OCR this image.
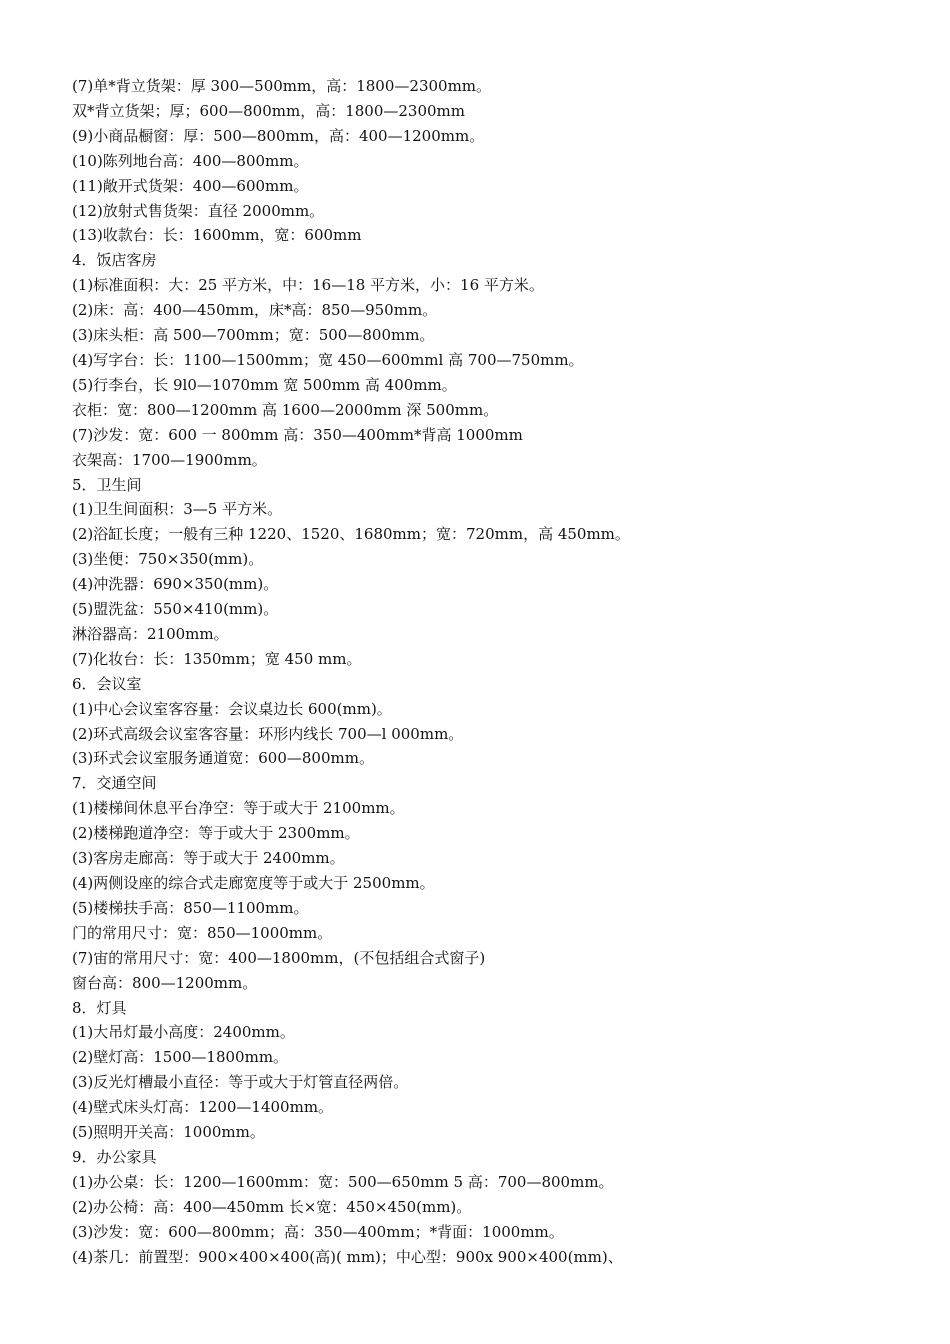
(7)单*背立货架：厚 300—500mm，高：1800—2300mm。

双*背立货架；厚；600—800mm，高：1800—2300mm

(9)小商品橱窗：厚：500—800mm，高：400—1200mm。

(10)陈列地台高：400—800mm。

(11)敞开式货架：400—600mm。

(12)放射式售货架：直径 2000mm。

(13)收款台：长：1600mm，宽：600mm

4．饭店客房

(1)标准面积：大：25 平方米，中：16—18 平方米，小：16 平方米。

(2)床：高：400—450mm，床*高：850—950mm。

(3)床头柜：高 500—700mm；宽：500—800mm。

(4)写字台：长：1100—1500mm；宽 450—600mml 高 700—750mm。

(5)行李台，长 9l0—1070mm 宽 500mm 高 400mm。

衣柜：宽：800—1200mm 高 1600—2000mm 深 500mm。

(7)沙发：宽：600 一 800mm 高：350—400mm*背高 1000mm

衣架高：1700—1900mm。

5．卫生间

(1)卫生间面积：3—5 平方米。

(2)浴缸长度；一般有三种 1220、1520、1680mm；宽：720mm，高 450mm。

(3)坐便：750×350(mm)。

(4)冲洗器：690×350(mm)。

(5)盟洗盆：550×410(mm)。

淋浴器高：2100mm。

(7)化妆台：长：1350mm；宽 450 mm。

6．会议室

(1)中心会议室客容量：会议桌边长 600(mm)。

(2)环式高级会议室客容量：环形内线长 700—l 000mm。

(3)环式会议室服务通道宽：600—800mm。

7．交通空间

(1)楼梯间休息平台净空：等于或大于 2100mm。

(2)楼梯跑道净空：等于或大于 2300mm。

(3)客房走廊高：等于或大于 2400mm。

(4)两侧设座的综合式走廊宽度等于或大于 2500mm。

(5)楼梯扶手高：850—1100mm。

门的常用尺寸：宽：850—1000mm。

(7)宙的常用尺寸：宽：400—1800mm，(不包括组合式窗子)

窗台高：800—1200mm。

8．灯具

(1)大吊灯最小高度：2400mm。

(2)壁灯高：1500—1800mm。

(3)反光灯槽最小直径：等于或大于灯管直径两倍。

(4)壁式床头灯高：1200—1400mm。

(5)照明开关高：1000mm。

9．办公家具

(1)办公桌：长：1200—1600mm：宽：500—650mm 5 高：700—800mm。

(2)办公椅：高：400—450mm 长×宽：450×450(mm)。

(3)沙发：宽：600—800mm；高：350—400mm；*背面：1000mm。

(4)茶几：前置型：900×400×400(高)( mm)；中心型：900x 900×400(mm)、
